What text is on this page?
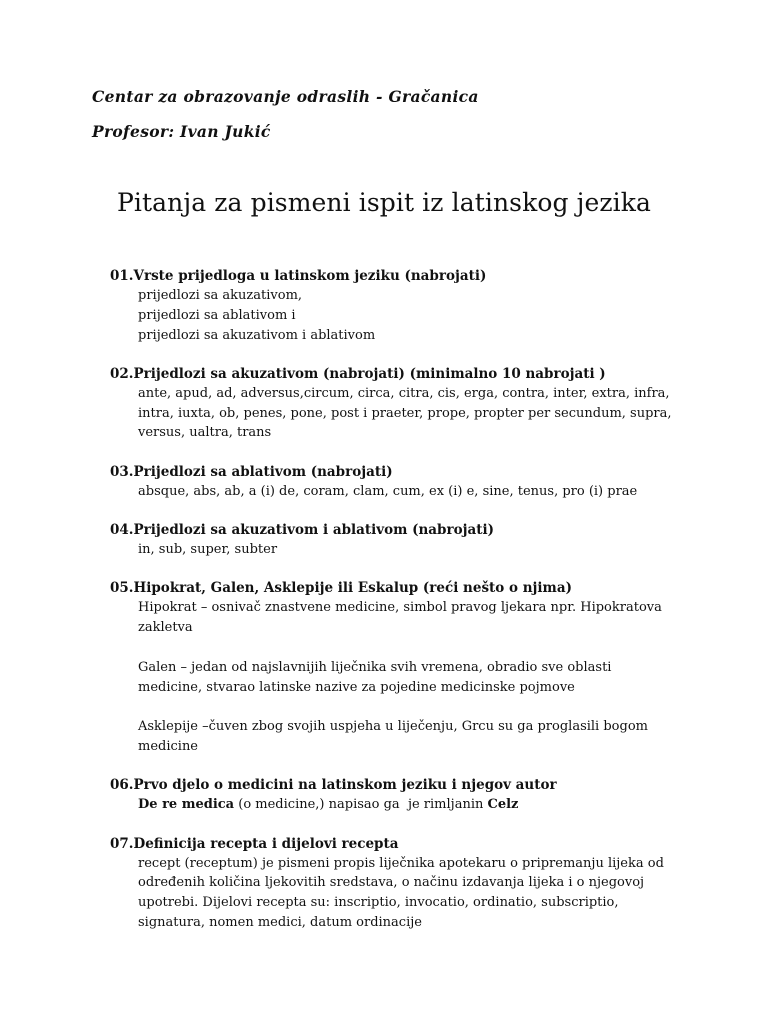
Centar za obrazovanje odraslih - Gračanica
Profesor: Ivan Jukić
Pitanja za pismeni ispit iz latinskog jezika
01.Vrste prijedloga u latinskom jeziku (nabrojati)
prijedlozi sa akuzativom,
prijedlozi sa ablativom i
prijedlozi sa akuzativom i ablativom
02.Prijedlozi sa akuzativom (nabrojati) (minimalno 10 nabrojati )
ante, apud, ad, adversus,circum, circa, citra, cis, erga, contra, inter, extra, infra,
intra, iuxta, ob, penes, pone, post i praeter, prope, propter per secundum, supra,
versus, ualtra, trans
03.Prijedlozi sa ablativom (nabrojati)
absque, abs, ab, a (i) de, coram, clam, cum, ex (i) e, sine, tenus, pro (i) prae
04.Prijedlozi sa akuzativom i ablativom (nabrojati)
in, sub, super, subter
05.Hipokrat, Galen, Asklepije ili Eskalup (reći nešto o njima)
Hipokrat – osnivač znastvene medicine, simbol pravog ljekara npr. Hipokratova
zakletva
Galen – jedan od najslavnijih liječnika svih vremena, obradio sve oblasti
medicine, stvarao latinske nazive za pojedine medicinske pojmove
Asklepije –čuven zbog svojih uspjeha u liječenju, Grcu su ga proglasili bogom
medicine
06.Prvo djelo o medicini na latinskom jeziku i njegov autor
De re medica (o medicine,) napisao ga  je rimljanin Celz
07.Definicija recepta i dijelovi recepta
recept (receptum) je pismeni propis liječnika apotekaru o pripremanju lijeka od
određenih količina ljekovitih sredstava, o načinu izdavanja lijeka i o njegovoj
upotrebi. Dijelovi recepta su: inscriptio, invocatio, ordinatio, subscriptio,
signatura, nomen medici, datum ordinacije
